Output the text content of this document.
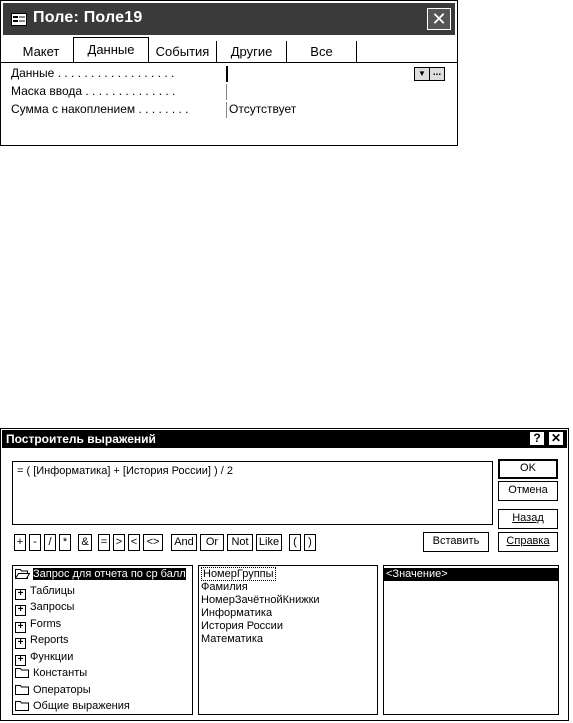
Поле: Поле19	✕
Макет	Данные	События	Другие	Все
Данные . . . . . . . . . . . . . . . . . .	▼ ...
Маска ввода . . . . . . . . . . . . . .
Сумма с накоплением . . . . . . . .	Отсутствует
Построитель выражений	? ✕
= ( [Информатика] + [История России] ) / 2	OK
Отмена
Назад
Вставить	Справка
+ -	/	*	&	= > < <>	And	Or	Not Like	(	)
Запрос для отчета по ср балл
+ Таблицы
+ Запросы
+ Forms
+ Reports
+ Функции
Константы
Операторы
Общие выражения
НомерГруппы
Фамилия
НомерЗачётнойКнижки
Информатика
История России
Математика
<Значение>
